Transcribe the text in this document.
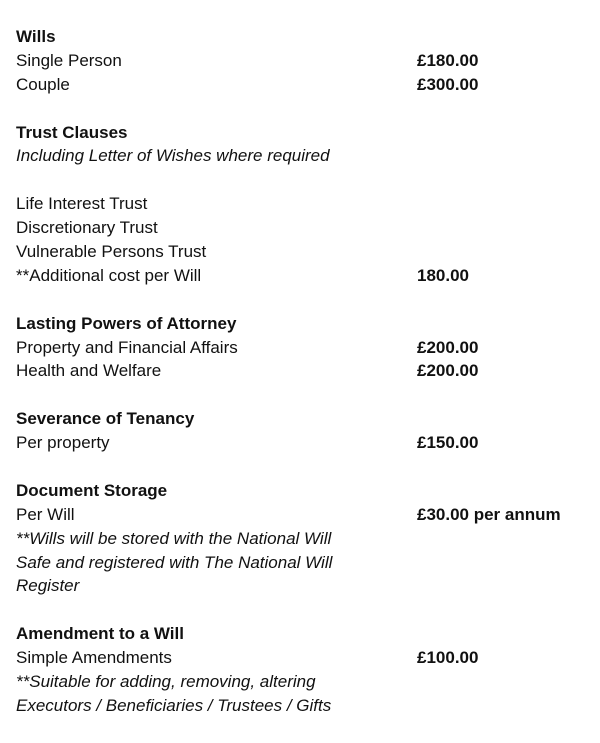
Wills
Single Person	£180.00
Couple	£300.00
Trust Clauses
Including Letter of Wishes where required
Life Interest Trust
Discretionary Trust
Vulnerable Persons Trust
**Additional cost per Will	180.00
Lasting Powers of Attorney
Property and Financial Affairs	£200.00
Health and Welfare	£200.00
Severance of Tenancy
Per property	£150.00
Document Storage
Per Will	£30.00 per annum
**Wills will be stored with the National Will
Safe and registered with The National Will
Register
Amendment to a Will
Simple Amendments	£100.00
**Suitable for adding, removing, altering
Executors / Beneficiaries / Trustees / Gifts
